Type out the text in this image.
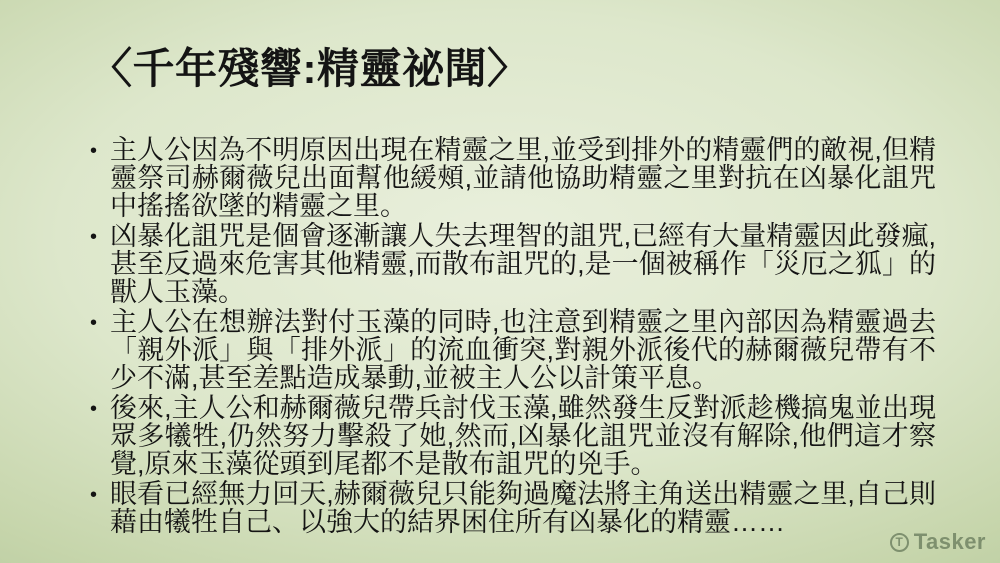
〈千年殘響:精靈祕聞〉
• 主人公因為不明原因出現在精靈之里,並受到排外的精靈們的敵視,但精靈祭司赫爾薇兒出面幫他緩頰,並請他協助精靈之里對抗在凶暴化詛咒中搖搖欲墜的精靈之里。
• 凶暴化詛咒是個會逐漸讓人失去理智的詛咒,已經有大量精靈因此發瘋,甚至反過來危害其他精靈,而散布詛咒的,是一個被稱作「災厄之狐」的獸人玉藻。
• 主人公在想辦法對付玉藻的同時,也注意到精靈之里內部因為精靈過去「親外派」與「排外派」的流血衝突,對親外派後代的赫爾薇兒帶有不少不滿,甚至差點造成暴動,並被主人公以計策平息。
• 後來,主人公和赫爾薇兒帶兵討伐玉藻,雖然發生反對派趁機搞鬼並出現眾多犧牲,仍然努力擊殺了她,然而,凶暴化詛咒並沒有解除,他們這才察覺,原來玉藻從頭到尾都不是散布詛咒的兇手。
• 眼看已經無力回天,赫爾薇兒只能夠過魔法將主角送出精靈之里,自己則藉由犧牲自己、以強大的結界困住所有凶暴化的精靈……
T Tasker
